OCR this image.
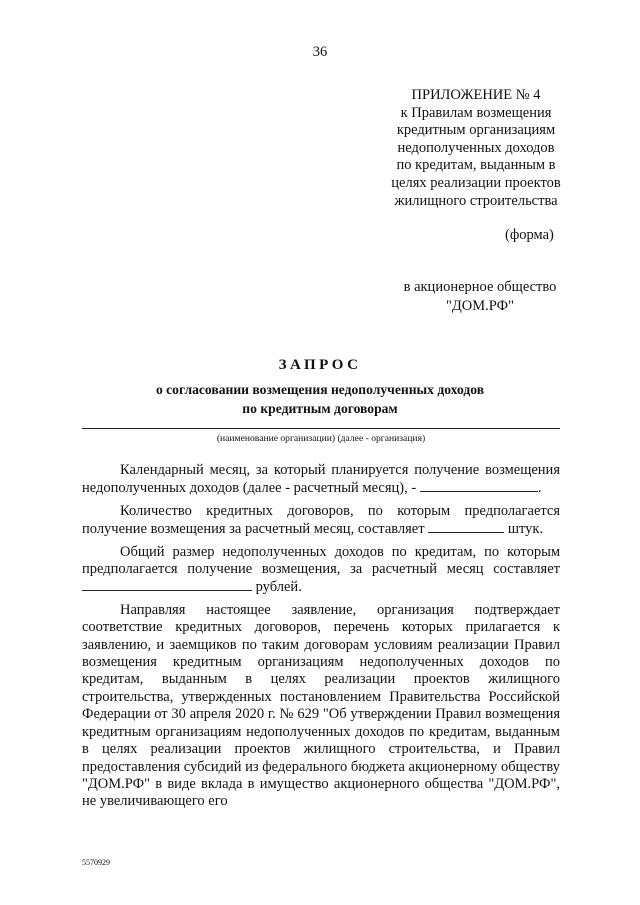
36
ПРИЛОЖЕНИЕ № 4
к Правилам возмещения
кредитным организациям
недополученных доходов
по кредитам, выданным в
целях реализации проектов
жилищного строительства
(форма)
в акционерное общество
"ДОМ.РФ"
ЗАПРОС
о согласовании возмещения недополученных доходов
по кредитным договорам
(наименование организации) (далее - организация)

Календарный месяц, за который планируется получение возмещения недополученных доходов (далее - расчетный месяц), -	.

Количество кредитных договоров, по которым предполагается получение возмещения за расчетный месяц, составляет	штук.

Общий размер недополученных доходов по кредитам, по которым предполагается получение возмещения, за расчетный месяц составляет  рублей.

Направляя настоящее заявление, организация подтверждает соответствие кредитных договоров, перечень которых прилагается к заявлению, и заемщиков по таким договорам условиям реализации Правил возмещения кредитным организациям недополученных доходов по кредитам, выданным в целях реализации проектов жилищного строительства, утвержденных постановлением Правительства Российской Федерации от 30 апреля 2020 г. № 629 "Об утверждении Правил возмещения кредитным организациям недополученных доходов по кредитам, выданным в целях реализации проектов жилищного строительства, и Правил предоставления субсидий из федерального бюджета акционерному обществу "ДОМ.РФ" в виде вклада в имущество акционерного общества "ДОМ.РФ", не увеличивающего его

5570929
